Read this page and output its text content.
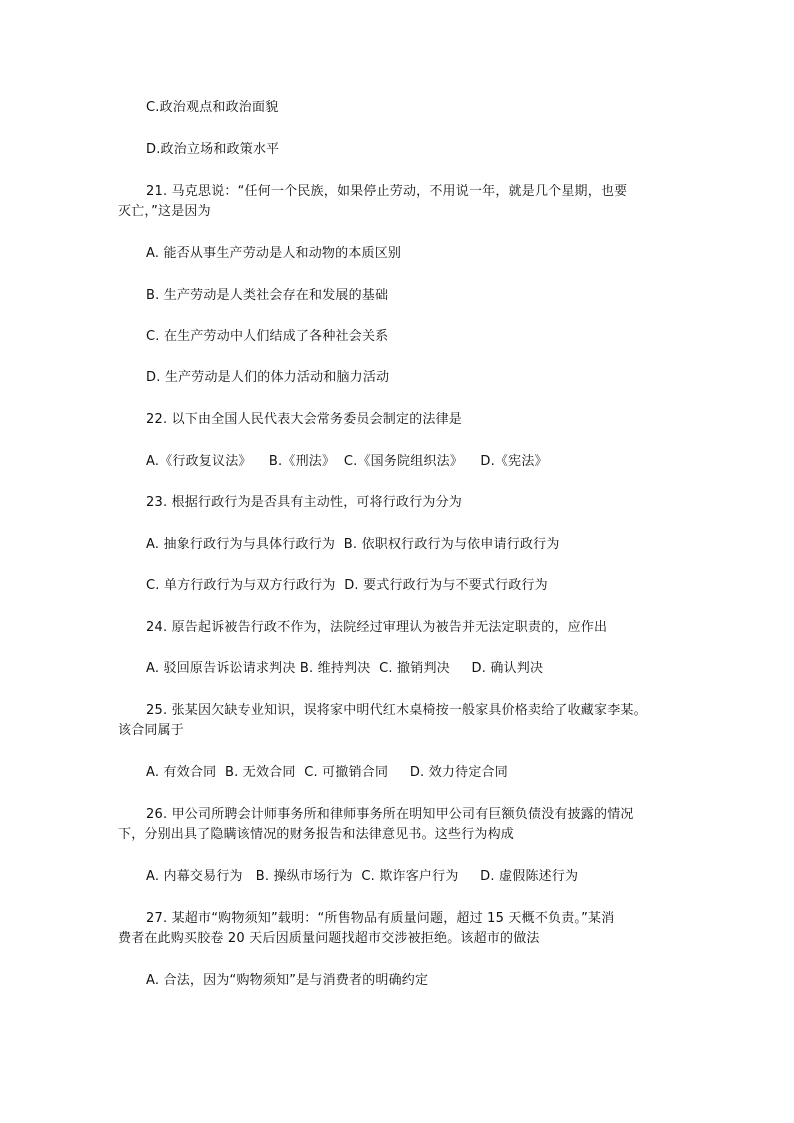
C.政治观点和政治面貌
D.政治立场和政策水平
21. 马克思说：“任何一个民族，如果停止劳动，不用说一年，就是几个星期，也要
灭亡，”这是因为
A. 能否从事生产劳动是人和动物的本质区别
B. 生产劳动是人类社会存在和发展的基础
C. 在生产劳动中人们结成了各种社会关系
D. 生产劳动是人们的体力活动和脑力活动
22. 以下由全国人民代表大会常务委员会制定的法律是
A.《行政复议法》    B.《刑法》  C.《国务院组织法》    D.《宪法》
23. 根据行政行为是否具有主动性，可将行政行为分为
A. 抽象行政行为与具体行政行为  B. 依职权行政行为与依申请行政行为
C. 单方行政行为与双方行政行为  D. 要式行政行为与不要式行政行为
24. 原告起诉被告行政不作为，法院经过审理认为被告并无法定职责的，应作出
A. 驳回原告诉讼请求判决 B. 维持判决  C. 撤销判决     D. 确认判决
25. 张某因欠缺专业知识，误将家中明代红木桌椅按一般家具价格卖给了收藏家李某。
该合同属于
A. 有效合同  B. 无效合同  C. 可撤销合同     D. 效力待定合同
26. 甲公司所聘会计师事务所和律师事务所在明知甲公司有巨额负债没有披露的情况
下，分别出具了隐瞒该情况的财务报告和法律意见书。这些行为构成
A. 内幕交易行为   B. 操纵市场行为  C. 欺诈客户行为     D. 虚假陈述行为
27. 某超市“购物须知”载明：“所售物品有质量问题，超过 15 天概不负责。”某消
费者在此购买胶卷 20 天后因质量问题找超市交涉被拒绝。该超市的做法
A. 合法，因为“购物须知”是与消费者的明确约定
